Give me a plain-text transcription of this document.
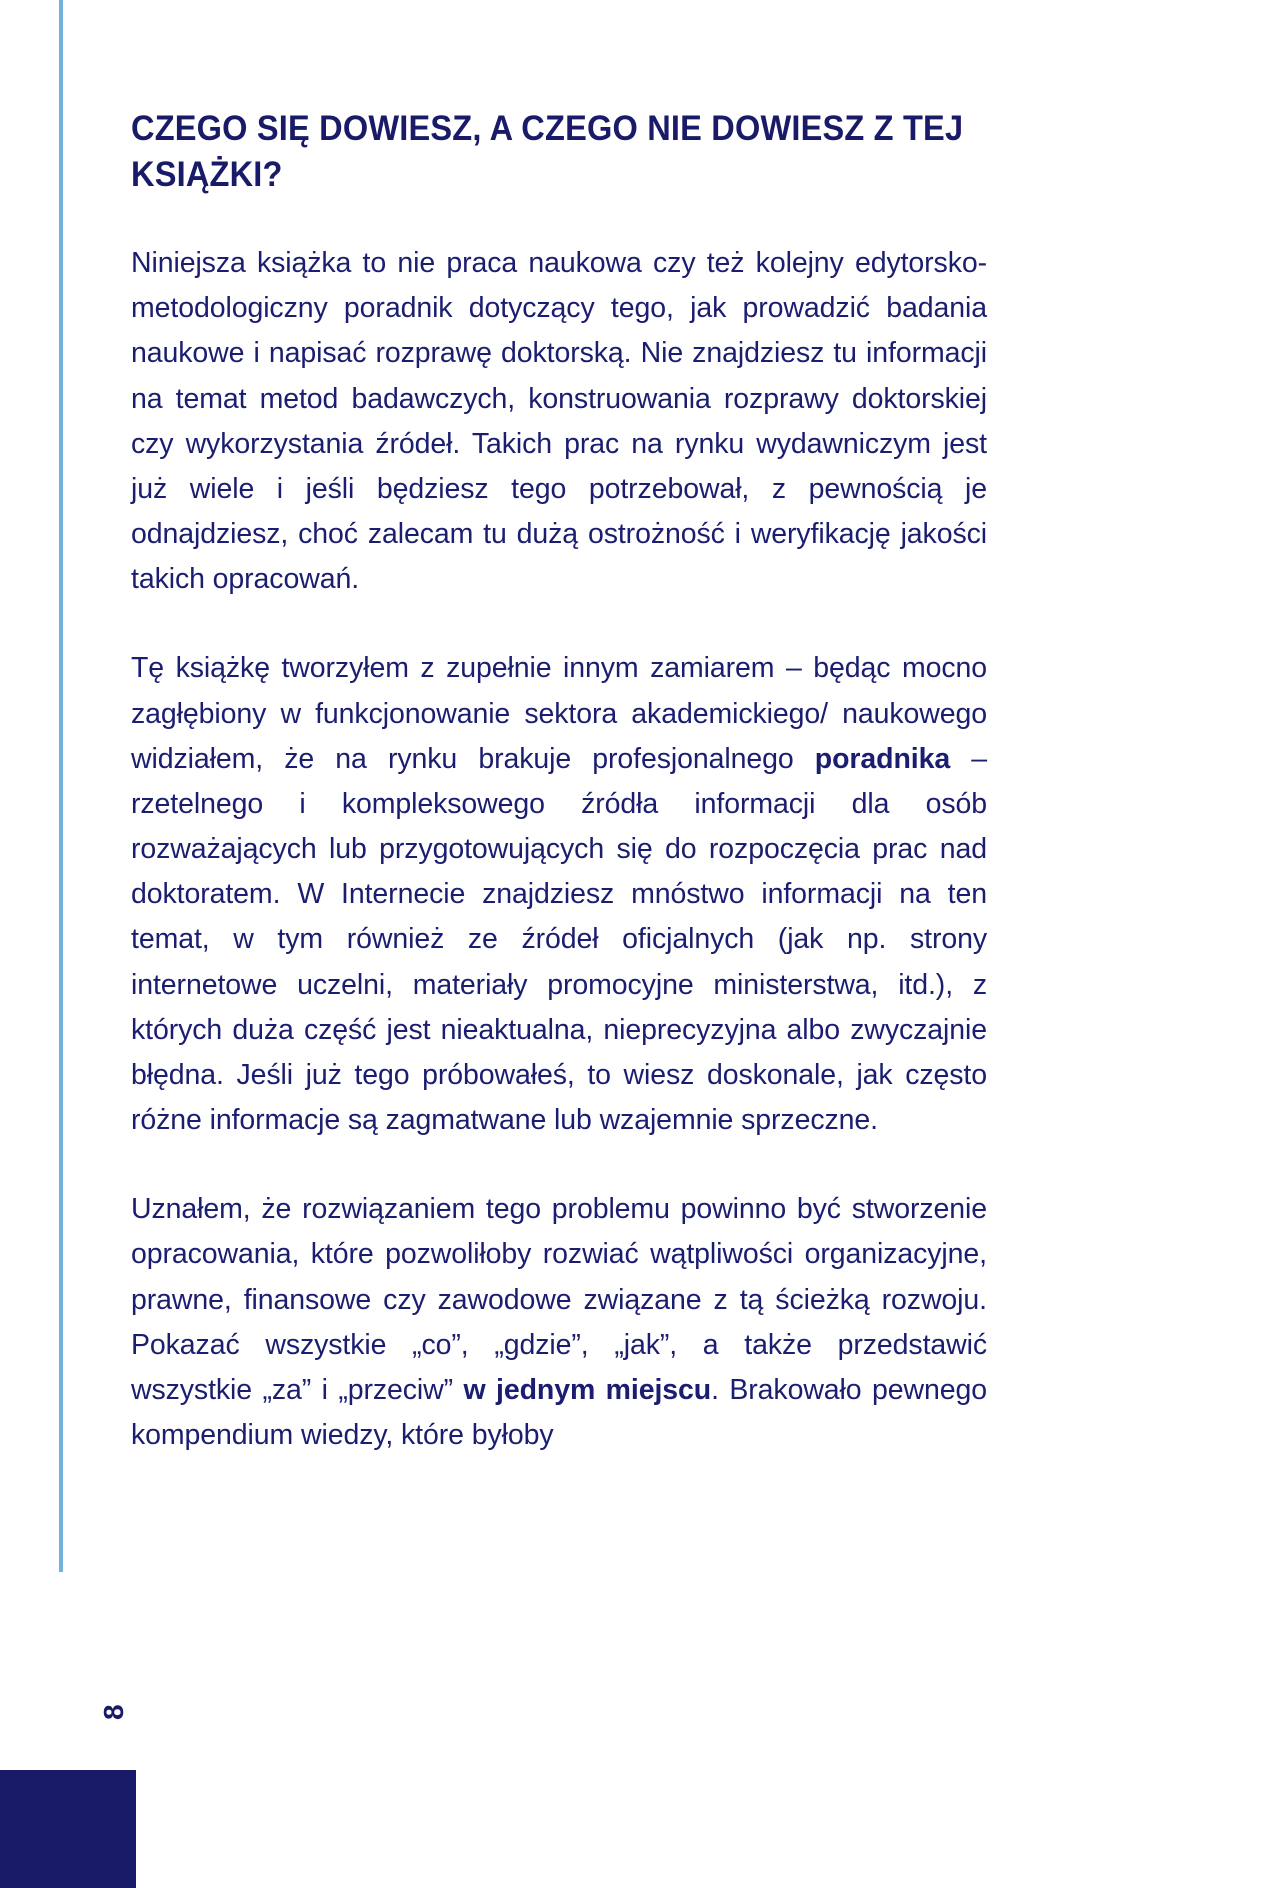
8
STRONA
CZEGO SIĘ DOWIESZ, A CZEGO NIE DOWIESZ Z TEJ KSIĄŻKI?

Niniejsza książka to nie praca naukowa czy też kolejny edytorsko-metodologiczny poradnik dotyczący tego, jak prowadzić badania naukowe i napisać rozprawę doktorską. Nie znajdziesz tu informacji na temat metod badawczych, konstruowania rozprawy doktorskiej czy wykorzystania źródeł. Takich prac na rynku wydawniczym jest już wiele i jeśli będziesz tego potrzebował, z pewnością je odnajdziesz, choć zalecam tu dużą ostrożność i weryfikację jakości takich opracowań.

Tę książkę tworzyłem z zupełnie innym zamiarem – będąc mocno zagłębiony w funkcjonowanie sektora akademickiego/ naukowego widziałem, że na rynku brakuje profesjonalnego poradnika – rzetelnego i kompleksowego źródła informacji dla osób rozważających lub przygotowujących się do rozpoczęcia prac nad doktoratem. W Internecie znajdziesz mnóstwo informacji na ten temat, w tym również ze źródeł oficjalnych (jak np. strony internetowe uczelni, materiały promocyjne ministerstwa, itd.), z których duża część jest nieaktualna, nieprecyzyjna albo zwyczajnie błędna. Jeśli już tego próbowałeś, to wiesz doskonale, jak często różne informacje są zagmatwane lub wzajemnie sprzeczne.

Uznałem, że rozwiązaniem tego problemu powinno być stworzenie opracowania, które pozwoliłoby rozwiać wątpliwości organizacyjne, prawne, finansowe czy zawodowe związane z tą ścieżką rozwoju. Pokazać wszystkie „co”, „gdzie”, „jak”, a także przedstawić wszystkie „za” i „przeciw” w jednym miejscu. Brakowało pewnego kompendium wiedzy, które byłoby
